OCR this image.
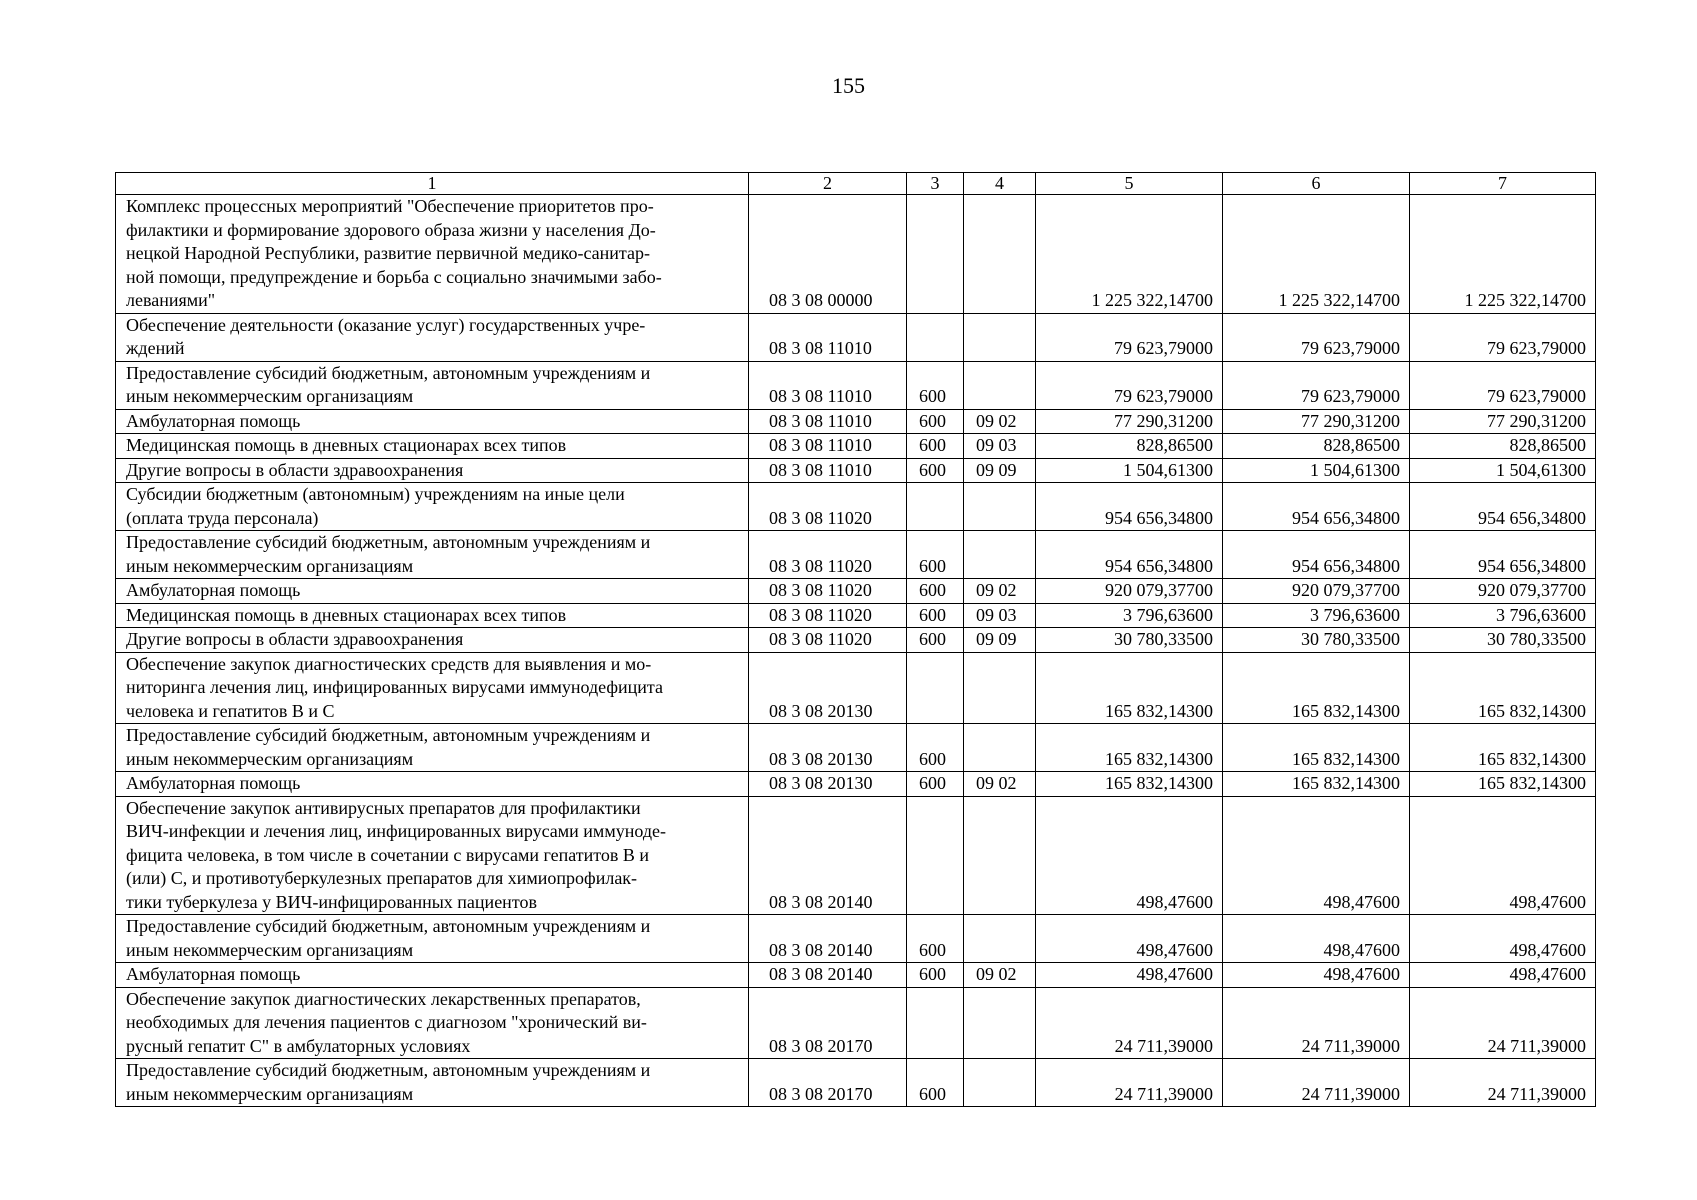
155
1	2	3	4	5	6	7
Комплекс процессных мероприятий "Обеспечение приоритетов про-
филактики и формирование здорового образа жизни у населения До-
нецкой Народной Республики, развитие первичной медико-санитар-
ной помощи, предупреждение и борьба с социально значимыми забо-
леваниями"	08 3 08 00000			1 225 322,14700	1 225 322,14700	1 225 322,14700
Обеспечение деятельности (оказание услуг) государственных учре-
ждений	08 3 08 11010			79 623,79000	79 623,79000	79 623,79000
Предоставление субсидий бюджетным, автономным учреждениям и
иным некоммерческим организациям	08 3 08 11010	600		79 623,79000	79 623,79000	79 623,79000
Амбулаторная помощь	08 3 08 11010	600	09 02	77 290,31200	77 290,31200	77 290,31200
Медицинская помощь в дневных стационарах всех типов	08 3 08 11010	600	09 03	828,86500	828,86500	828,86500
Другие вопросы в области здравоохранения	08 3 08 11010	600	09 09	1 504,61300	1 504,61300	1 504,61300
Субсидии бюджетным (автономным) учреждениям на иные цели
(оплата труда персонала)	08 3 08 11020			954 656,34800	954 656,34800	954 656,34800
Предоставление субсидий бюджетным, автономным учреждениям и
иным некоммерческим организациям	08 3 08 11020	600		954 656,34800	954 656,34800	954 656,34800
Амбулаторная помощь	08 3 08 11020	600	09 02	920 079,37700	920 079,37700	920 079,37700
Медицинская помощь в дневных стационарах всех типов	08 3 08 11020	600	09 03	3 796,63600	3 796,63600	3 796,63600
Другие вопросы в области здравоохранения	08 3 08 11020	600	09 09	30 780,33500	30 780,33500	30 780,33500
Обеспечение закупок диагностических средств для выявления и мо-
ниторинга лечения лиц, инфицированных вирусами иммунодефицита
человека и гепатитов B и C	08 3 08 20130			165 832,14300	165 832,14300	165 832,14300
Предоставление субсидий бюджетным, автономным учреждениям и
иным некоммерческим организациям	08 3 08 20130	600		165 832,14300	165 832,14300	165 832,14300
Амбулаторная помощь	08 3 08 20130	600	09 02	165 832,14300	165 832,14300	165 832,14300
Обеспечение закупок антивирусных препаратов для профилактики
ВИЧ-инфекции и лечения лиц, инфицированных вирусами иммуноде-
фицита человека, в том числе в сочетании с вирусами гепатитов B и
(или) C, и противотуберкулезных препаратов для химиопрофилак-
тики туберкулеза у ВИЧ-инфицированных пациентов	08 3 08 20140			498,47600	498,47600	498,47600
Предоставление субсидий бюджетным, автономным учреждениям и
иным некоммерческим организациям	08 3 08 20140	600		498,47600	498,47600	498,47600
Амбулаторная помощь	08 3 08 20140	600	09 02	498,47600	498,47600	498,47600
Обеспечение закупок диагностических лекарственных препаратов,
необходимых для лечения пациентов с диагнозом "хронический ви-
русный гепатит C" в амбулаторных условиях	08 3 08 20170			24 711,39000	24 711,39000	24 711,39000
Предоставление субсидий бюджетным, автономным учреждениям и
иным некоммерческим организациям	08 3 08 20170	600		24 711,39000	24 711,39000	24 711,39000
